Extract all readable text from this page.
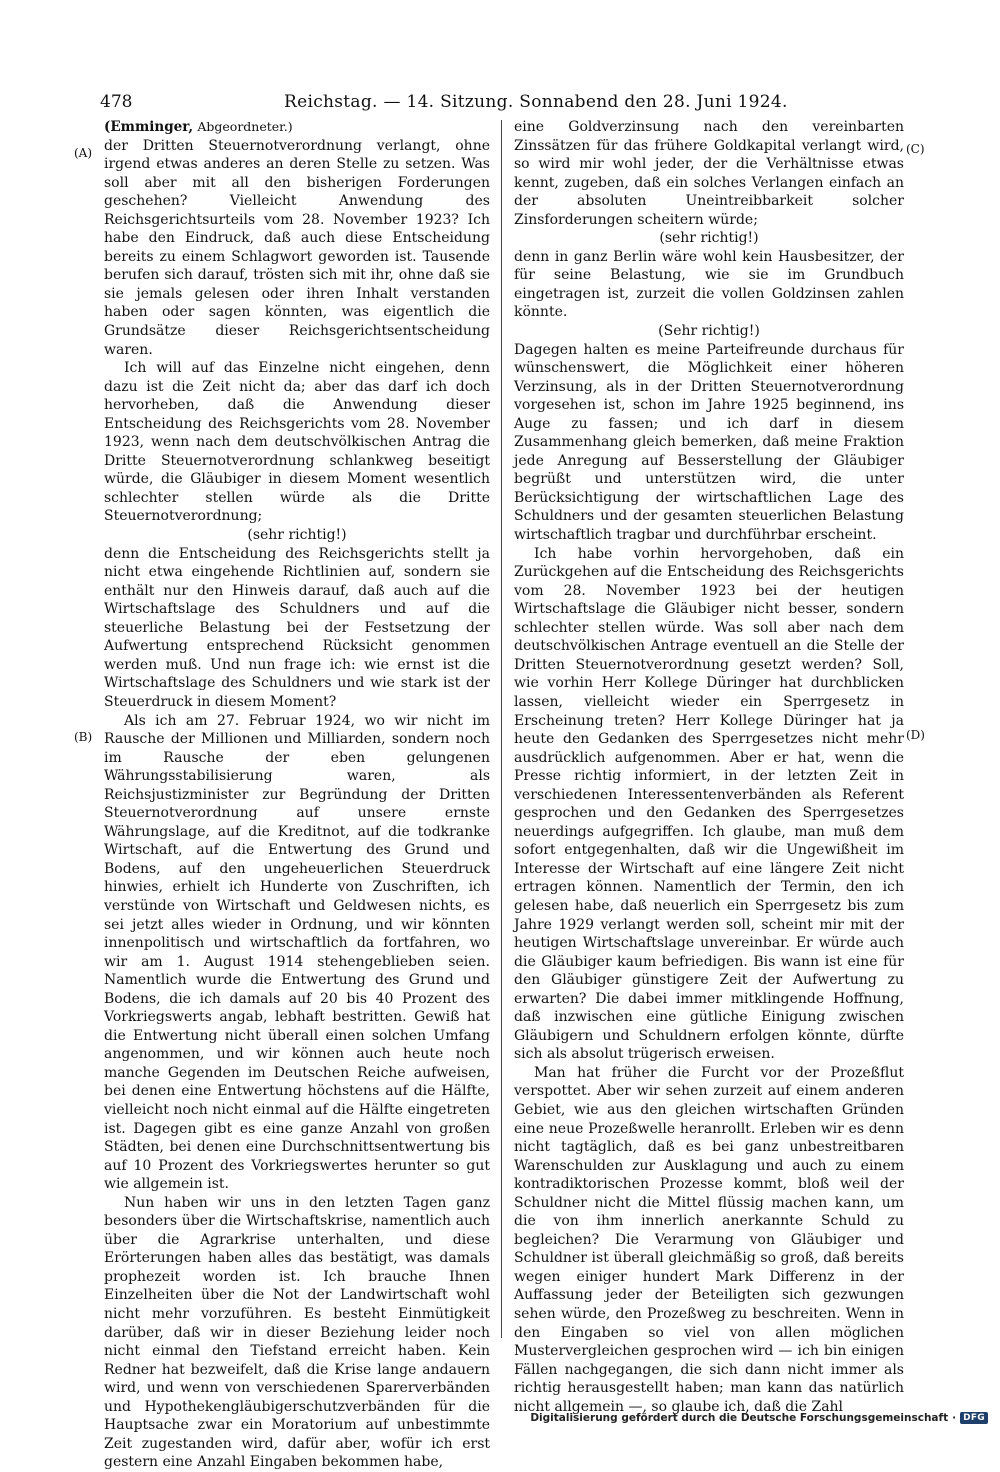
478	Reichstag. — 14. Sitzung. Sonnabend den 28. Juni 1924.
(A)
(B)
(C)
(D)

(Emminger, Abgeordneter.)

der Dritten Steuernotverordnung verlangt, ohne irgend etwas anderes an deren Stelle zu setzen. Was soll aber mit all den bisherigen Forderungen geschehen? Vielleicht Anwendung des Reichsgerichtsurteils vom 28. November 1923? Ich habe den Eindruck, daß auch diese Entscheidung bereits zu einem Schlagwort geworden ist. Tausende berufen sich darauf, trösten sich mit ihr, ohne daß sie sie jemals gelesen oder ihren Inhalt verstanden haben oder sagen könnten, was eigentlich die Grundsätze dieser Reichsgerichtsentscheidung waren.

Ich will auf das Einzelne nicht eingehen, denn dazu ist die Zeit nicht da; aber das darf ich doch hervorheben, daß die Anwendung dieser Entscheidung des Reichsgerichts vom 28. November 1923, wenn nach dem deutschvölkischen Antrag die Dritte Steuernotverordnung schlankweg beseitigt würde, die Gläubiger in diesem Moment wesentlich schlechter stellen würde als die Dritte Steuernotverordnung;

(sehr richtig!)

denn die Entscheidung des Reichsgerichts stellt ja nicht etwa eingehende Richtlinien auf, sondern sie enthält nur den Hinweis darauf, daß auch auf die Wirtschaftslage des Schuldners und auf die steuerliche Belastung bei der Festsetzung der Aufwertung entsprechend Rücksicht genommen werden muß. Und nun frage ich: wie ernst ist die Wirtschaftslage des Schuldners und wie stark ist der Steuerdruck in diesem Moment?

Als ich am 27. Februar 1924, wo wir nicht im Rausche der Millionen und Milliarden, sondern noch im Rausche der eben gelungenen Währungsstabilisierung waren, als Reichsjustizminister zur Begründung der Dritten Steuernotverordnung auf unsere ernste Währungslage, auf die Kreditnot, auf die todkranke Wirtschaft, auf die Entwertung des Grund und Bodens, auf den ungeheuerlichen Steuerdruck hinwies, erhielt ich Hunderte von Zuschriften, ich verstünde von Wirtschaft und Geldwesen nichts, es sei jetzt alles wieder in Ordnung, und wir könnten innenpolitisch und wirtschaftlich da fortfahren, wo wir am 1. August 1914 stehengeblieben seien. Namentlich wurde die Entwertung des Grund und Bodens, die ich damals auf 20 bis 40 Prozent des Vorkriegswerts angab, lebhaft bestritten. Gewiß hat die Entwertung nicht überall einen solchen Umfang angenommen, und wir können auch heute noch manche Gegenden im Deutschen Reiche aufweisen, bei denen eine Entwertung höchstens auf die Hälfte, vielleicht noch nicht einmal auf die Hälfte eingetreten ist. Dagegen gibt es eine ganze Anzahl von großen Städten, bei denen eine Durchschnittsentwertung bis auf 10 Prozent des Vorkriegswertes herunter so gut wie allgemein ist.

Nun haben wir uns in den letzten Tagen ganz besonders über die Wirtschaftskrise, namentlich auch über die Agrarkrise unterhalten, und diese Erörterungen haben alles das bestätigt, was damals prophezeit worden ist. Ich brauche Ihnen Einzelheiten über die Not der Landwirtschaft wohl nicht mehr vorzuführen. Es besteht Einmütigkeit darüber, daß wir in dieser Beziehung leider noch nicht einmal den Tiefstand erreicht haben. Kein Redner hat bezweifelt, daß die Krise lange andauern wird, und wenn von verschiedenen Sparerverbänden und Hypothekengläubigerschutzverbänden für die Hauptsache zwar ein Moratorium auf unbestimmte Zeit zugestanden wird, dafür aber, wofür ich erst gestern eine Anzahl Eingaben bekommen habe,

eine Goldverzinsung nach den vereinbarten Zinssätzen für das frühere Goldkapital verlangt wird, so wird mir wohl jeder, der die Verhältnisse etwas kennt, zugeben, daß ein solches Verlangen einfach an der absoluten Uneintreibbarkeit solcher Zinsforderungen scheitern würde;

(sehr richtig!)

denn in ganz Berlin wäre wohl kein Hausbesitzer, der für seine Belastung, wie sie im Grundbuch eingetragen ist, zurzeit die vollen Goldzinsen zahlen könnte.

(Sehr richtig!)

Dagegen halten es meine Parteifreunde durchaus für wünschenswert, die Möglichkeit einer höheren Verzinsung, als in der Dritten Steuernotverordnung vorgesehen ist, schon im Jahre 1925 beginnend, ins Auge zu fassen; und ich darf in diesem Zusammenhang gleich bemerken, daß meine Fraktion jede Anregung auf Besserstellung der Gläubiger begrüßt und unterstützen wird, die unter Berücksichtigung der wirtschaftlichen Lage des Schuldners und der gesamten steuerlichen Belastung wirtschaftlich tragbar und durchführbar erscheint.

Ich habe vorhin hervorgehoben, daß ein Zurückgehen auf die Entscheidung des Reichsgerichts vom 28. November 1923 bei der heutigen Wirtschaftslage die Gläubiger nicht besser, sondern schlechter stellen würde. Was soll aber nach dem deutschvölkischen Antrage eventuell an die Stelle der Dritten Steuernotverordnung gesetzt werden? Soll, wie vorhin Herr Kollege Düringer hat durchblicken lassen, vielleicht wieder ein Sperrgesetz in Erscheinung treten? Herr Kollege Düringer hat ja heute den Gedanken des Sperrgesetzes nicht mehr ausdrücklich aufgenommen. Aber er hat, wenn die Presse richtig informiert, in der letzten Zeit in verschiedenen Interessentenverbänden als Referent gesprochen und den Gedanken des Sperrgesetzes neuerdings aufgegriffen. Ich glaube, man muß dem sofort entgegenhalten, daß wir die Ungewißheit im Interesse der Wirtschaft auf eine längere Zeit nicht ertragen können. Namentlich der Termin, den ich gelesen habe, daß neuerlich ein Sperrgesetz bis zum Jahre 1929 verlangt werden soll, scheint mir mit der heutigen Wirtschaftslage unvereinbar. Er würde auch die Gläubiger kaum befriedigen. Bis wann ist eine für den Gläubiger günstigere Zeit der Aufwertung zu erwarten? Die dabei immer mitklingende Hoffnung, daß inzwischen eine gütliche Einigung zwischen Gläubigern und Schuldnern erfolgen könnte, dürfte sich als absolut trügerisch erweisen.

Man hat früher die Furcht vor der Prozeßflut verspottet. Aber wir sehen zurzeit auf einem anderen Gebiet, wie aus den gleichen wirtschaften Gründen eine neue Prozeßwelle heranrollt. Erleben wir es denn nicht tagtäglich, daß es bei ganz unbestreitbaren Warenschulden zur Ausklagung und auch zu einem kontradiktorischen Prozesse kommt, bloß weil der Schuldner nicht die Mittel flüssig machen kann, um die von ihm innerlich anerkannte Schuld zu begleichen? Die Verarmung von Gläubiger und Schuldner ist überall gleichmäßig so groß, daß bereits wegen einiger hundert Mark Differenz in der Auffassung jeder der Beteiligten sich gezwungen sehen würde, den Prozeßweg zu beschreiten. Wenn in den Eingaben so viel von allen möglichen Mustervergleichen gesprochen wird — ich bin einigen Fällen nachgegangen, die sich dann nicht immer als richtig herausgestellt haben; man kann das natürlich nicht allgemein —, so glaube ich, daß die Zahl

Digitalisierung gefördert durch die Deutsche Forschungsgemeinschaft · DFG
